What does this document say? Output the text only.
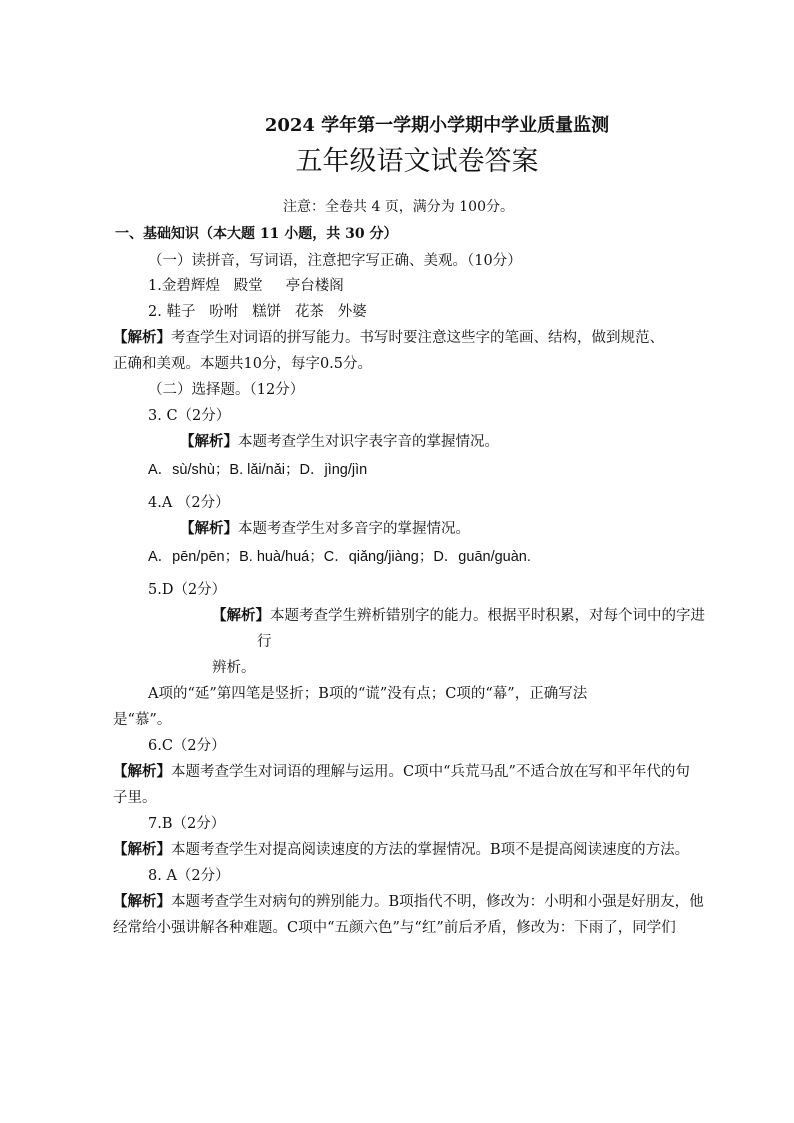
2024 学年第一学期小学期中学业质量监测
五年级语文试卷答案
注意：全卷共 4 页，满分为 100分。
一、基础知识（本大题 11 小题，共 30 分）
（一）读拼音，写词语，注意把字写正确、美观。（10分）
1.金碧辉煌   殿堂     亭台楼阁
2. 鞋子   吩咐   糕饼   花茶   外婆
【解析】考查学生对词语的拼写能力。书写时要注意这些字的笔画、结构，做到规范、
正确和美观。本题共10分，每字0.5分。
（二）选择题。（12分）
3. C（2分）
【解析】本题考查学生对识字表字音的掌握情况。
A．sù/shù；B. lǎi/nǎi；D．jìng/jìn
4.A （2分）
【解析】本题考查学生对多音字的掌握情况。
A．pēn/pēn；B. huà/huá；C．qiǎng/jiàng；D．guān/guàn.
5.D（2分）
【解析】本题考查学生辨析错别字的能力。根据平时积累，对每个词中的字进
行
辨析。
A项的“延”第四笔是竖折；B项的“谎”没有点；C项的“幕”，正确写法
是“慕”。
6.C（2分）
【解析】本题考查学生对词语的理解与运用。C项中“兵荒马乱”不适合放在写和平年代的句
子里。
7.B（2分）
【解析】本题考查学生对提高阅读速度的方法的掌握情况。B项不是提高阅读速度的方法。
8. A（2分）
【解析】本题考查学生对病句的辨别能力。B项指代不明，修改为：小明和小强是好朋友，他
经常给小强讲解各种难题。C项中“五颜六色”与“红”前后矛盾，修改为：下雨了，同学们
